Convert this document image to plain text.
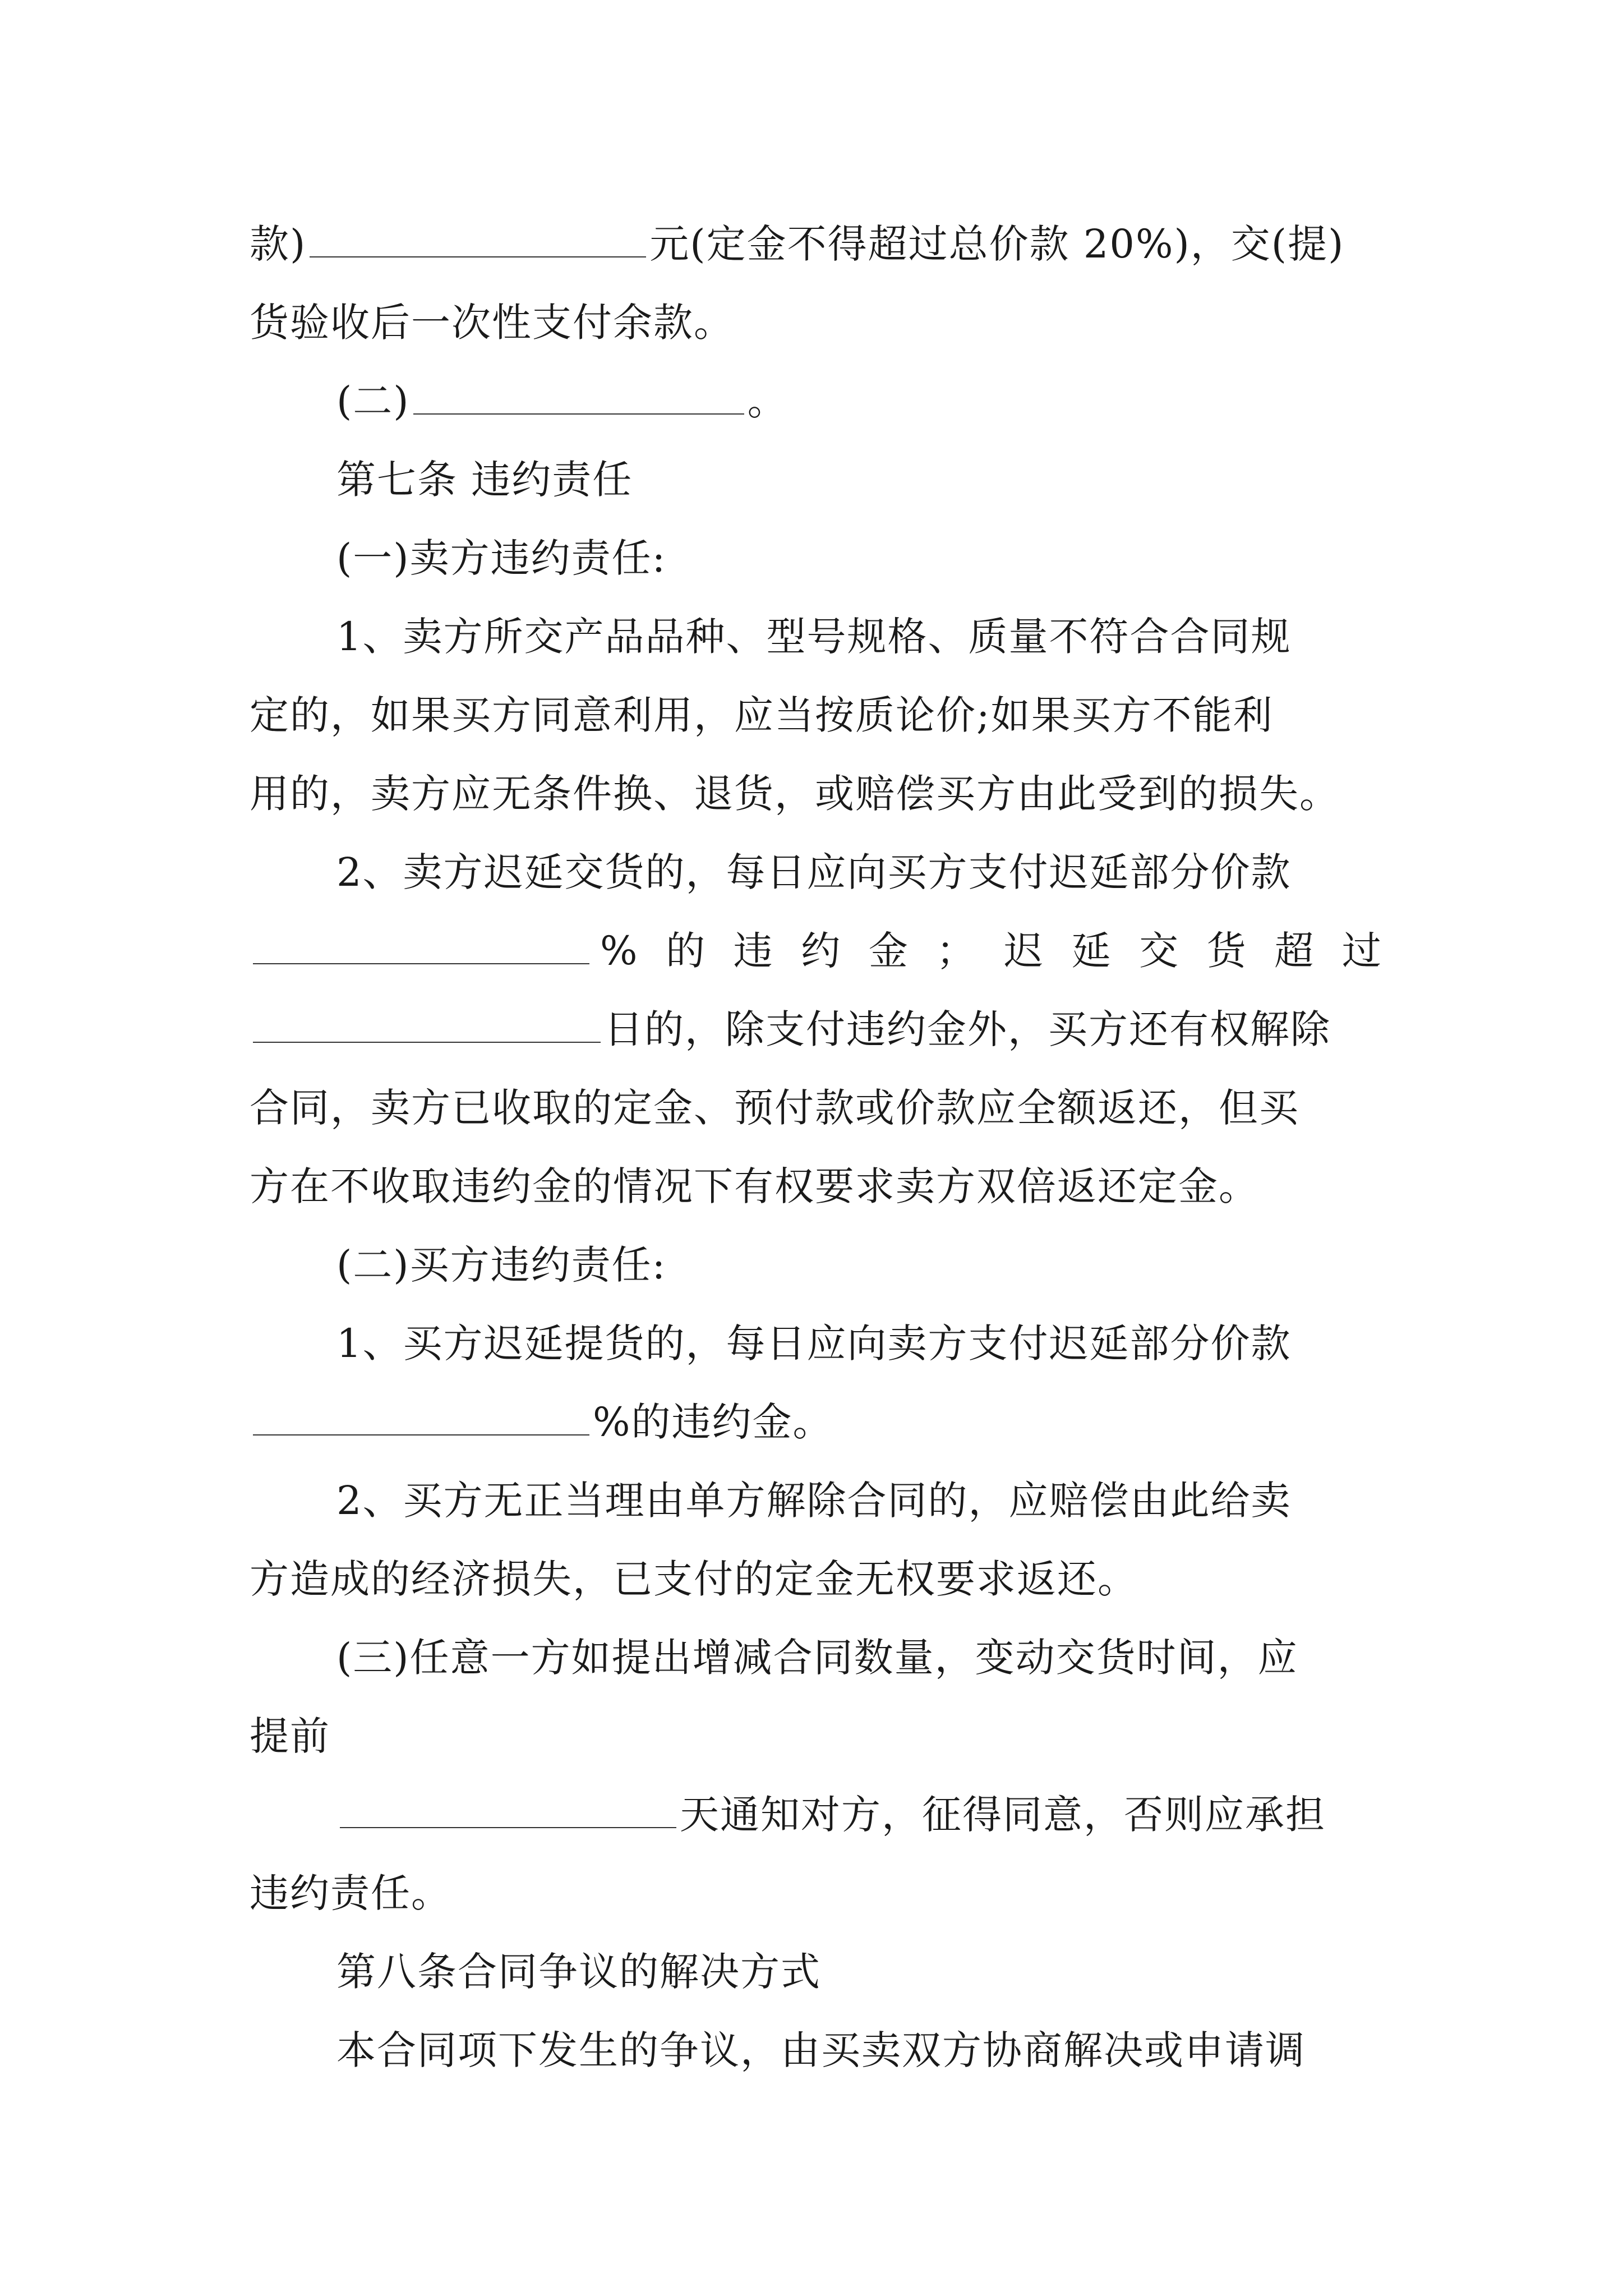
款)	元(定金不得超过总价款 20%)，交(提)
货验收后一次性支付余款。
(二)	。
第七条 违约责任
(一)卖方违约责任:
1、卖方所交产品品种、型号规格、质量不符合合同规
定的，如果买方同意利用，应当按质论价;如果买方不能利
用的，卖方应无条件换、退货，或赔偿买方由此受到的损失。
2、卖方迟延交货的，每日应向买方支付迟延部分价款
% 的 违 约 金 ； 迟 延 交 货 超 过
日的，除支付违约金外，买方还有权解除
合同，卖方已收取的定金、预付款或价款应全额返还，但买
方在不收取违约金的情况下有权要求卖方双倍返还定金。
(二)买方违约责任:
1、买方迟延提货的，每日应向卖方支付迟延部分价款
%的违约金。
2、买方无正当理由单方解除合同的，应赔偿由此给卖
方造成的经济损失，已支付的定金无权要求返还。
(三)任意一方如提出增减合同数量，变动交货时间，应
提前
天通知对方，征得同意，否则应承担
违约责任。
第八条合同争议的解决方式
本合同项下发生的争议，由买卖双方协商解决或申请调
